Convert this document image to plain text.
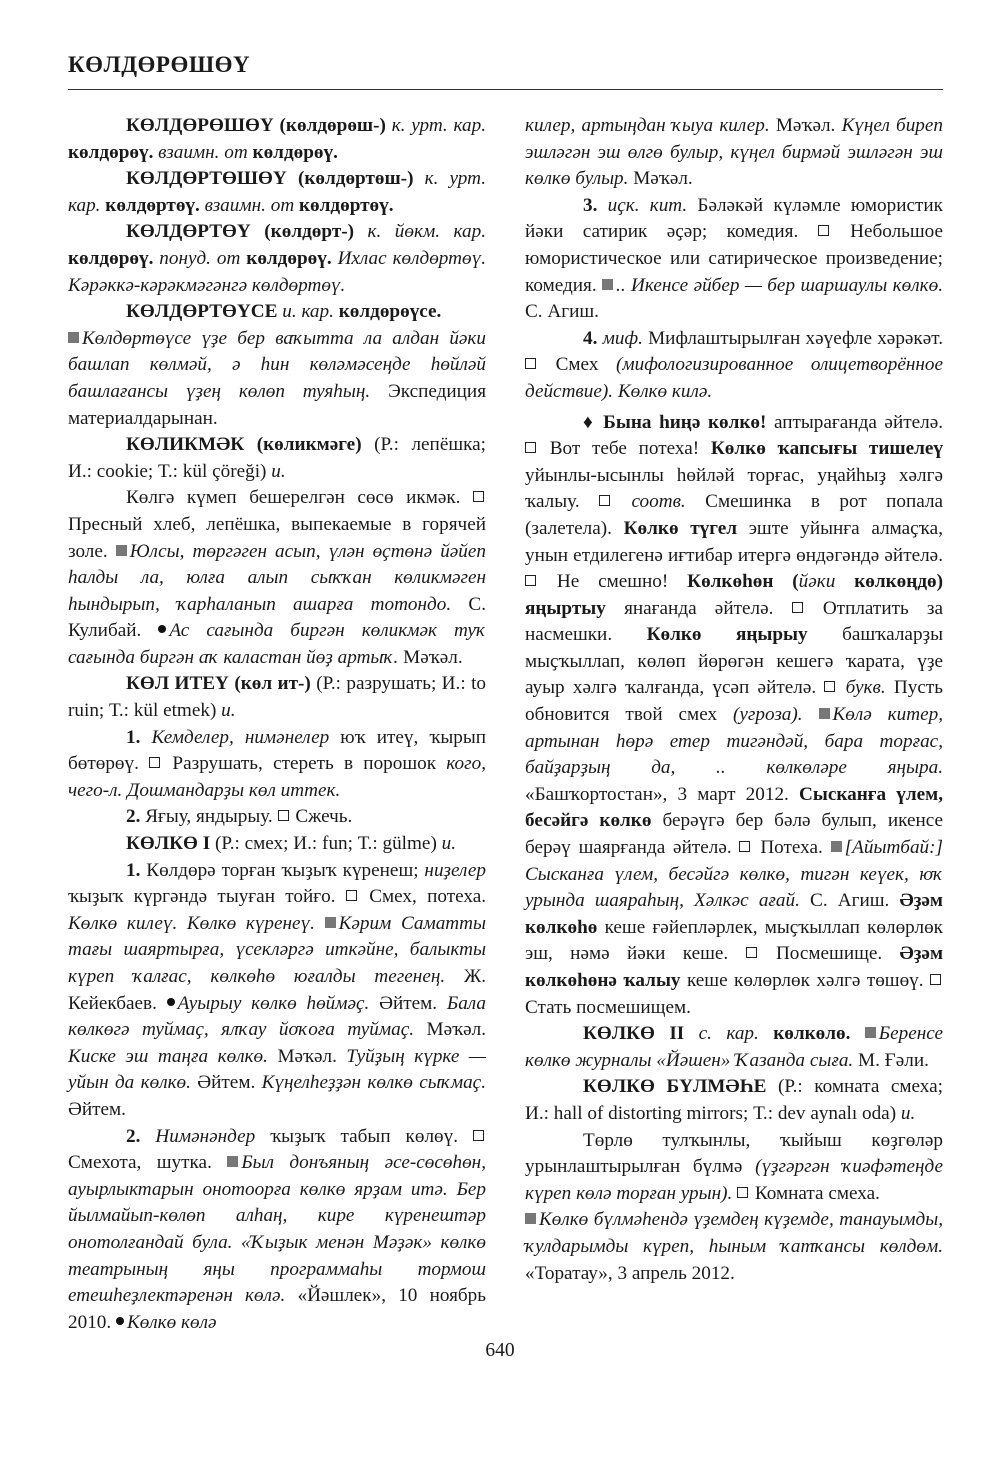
КӨЛДӨРӨШӨҮ

КӨЛДӨРӨШӨҮ (көлдөрөш-) к. урт. кар. көлдөрөү. взаимн. от көлдөрөү.

КӨЛДӨРТӨШӨҮ (көлдөртөш-) к. урт. кар. көлдөртөү. взаимн. от көлдөртөү.

КӨЛДӨРТӨҮ (көлдөрт-) к. йөкм. кар. көлдөрөү. понуд. от көлдөрөү. Ихлас көлдөртөү. Кәрәккә-кәрәкмәгәнгә көлдөртөү.

КӨЛДӨРТӨҮСЕ и. кар. көлдөрөүсе.

Көлдөртөүсе үҙе бер ваҡытта ла алдан йәки башлап көлмәй, ә һин көләмәсеңде һөйләй башлағансы үҙең көлөп туяһың. Экспедиция материалдарынан.

КӨЛИКМӘК (көликмәге) (Р.: лепёшка; И.: cookie; Т.: kül çöreği) и.

Көлгә күмеп бешерелгән сөсө икмәк.  Пресный хлеб, лепёшка, выпекаемые в горячей золе. Юлсы, төргәген асып, үлән өҫтөнә йәйеп һалды ла, юлға алып сыҡҡан көликмәген һындырып, ҡарһаланып ашарға тотондо. С. Кулибай. Ас сағында биргән көликмәк туҡ сағында биргән аҡ каластан йөҙ артыҡ. Мәҡәл.

КӨЛ ИТЕҮ (көл ит-) (Р.: разрушать; И.: to ruin; Т.: kül etmek) и.

1. Кемделер, нимәнелер юҡ итеү, ҡырып бөтөрөү. Разрушать, стереть в порошок кого, чего-л. Дошмандарҙы көл иттек.

2. Яғыу, яндырыу. Сжечь.

КӨЛКӨ I (Р.: смех; И.: fun; Т.: gülme) и.

1. Көлдөрә торған ҡыҙыҡ күренеш; ниҙелер ҡыҙыҡ күргәндә тыуған тойғо. Смех, потеха. Көлкө килеү. Көлкө күренеү. Кәрим Саматты тағы шаяртырға, үсекләргә иткәйне, балыкты күреп ҡалғас, көлкөһө юғалды тегенең. Ж. Кейекбаев. Ауырыу көлкө һөймәҫ. Әйтем. Бала көлкөгә туймаҫ, ялҡау йоҡоға туймаҫ. Мәҡәл. Киске эш таңға көлкө. Мәҡәл. Туйҙың күрке — уйын да көлкө. Әйтем. Күңелһеҙҙән көлкө сыҡмаҫ. Әйтем.

2. Нимәнәндер ҡыҙыҡ табып көлөү.  Смехота, шутка. Был донъяның әсе-сөсөһөн, ауырлыктарын онотоорға көлкө ярҙам итә. Бер йылмайып-көлөп алһаң, кире күренештәр онотолғандай була. «Ҡыҙык менән Мәҙәк» көлкө театрының яңы программаһы тормош етешһеҙлектәренән көлә. «Йәшлек», 10 ноябрь 2010. Көлкө көлә

килер, артыңдан ҡыуа килер. Мәҡәл. Күңел биреп эшләгән эш өлгө булыр, күңел бирмәй эшләгән эш көлкө булыр. Мәҡәл.

3. иҫк. кит. Бәләкәй күләмле юмористик йәки сатирик әҫәр; комедия.	Небольшое юмористическое или сатирическое произведение; комедия. .. Икенсе әйбер — бер шаршаулы көлкө. С. Агиш.

4. миф. Мифлаштырылған хәүефле хәрәкәт.  Смех (мифологизированное олицетворённое действие). Көлкө килә.

♦ Бына һиңә көлкө! аптырағанда әйтелә.  Вот тебе потеха! Көлкө ҡапсығы тишелеү уйынлы-ысынлы һөйләй торғас, уңайһыҙ хәлгә ҡалыу.	соотв. Смешинка в рот попала (залетела). Көлкө түгел эште уйынға алмаҫҡа, унын етдилегенә иғтибар итергә өндәгәндә әйтелә.  Не смешно! Көлкөһөн (йәки көлкөңдө) яңыртыу янағанда әйтелә.	Отплатить за насмешки. Көлкө яңырыу башҡаларҙы мыҫҡыллап, көлөп йөрөгән кешегә ҡарата, үҙе ауыр хәлгә ҡалғанда, үсәп әйтелә. букв. Пусть обновится твой смех (угроза). Көлә китер, артынан һөрә етер тигәндәй, бара торғас, байҙарҙың да, .. көлкөләре яңыра. «Башҡортостан», 3 март 2012. Сысканға үлем, бесәйгә көлкө берәүгә бер бәлә булып, икенсе берәү шаярғанда әйтелә. Потеха. [Айытбай:] Сысканға үлем, бесәйгә көлкө, тигән кеүек, юҡ урында шаяраһың, Хәлкәс ағай. С. Агиш. Әҙәм көлкөһө кеше ғәйепләрлек, мыҫҡыллап көлөрлөк эш, нәмә йәки кеше. Посмешище. Әҙәм көлкөһөнә ҡалыу кеше көлөрлөк хәлгә төшөү.  Стать посмешищем.

КӨЛКӨ II с. кар. көлкөлө. Беренсе көлкө журналы «Йәшен» Ҡазанда сыға. М. Ғәли.

КӨЛКӨ БҮЛМӘҺЕ (Р.: комната смеха; И.: hall of distorting mirrors; Т.: dev aynalı oda) и.

Төрлө тулҡынлы, ҡыйыш көҙгөләр урынлаштырылған бүлмә (үҙгәргән ҡиәфәтеңде күреп көлә торған урын). Комната смеха.

Көлкө бүлмәһендә үҙемдең күҙемде, танауымды, ҡулдарымды күреп, һыным ҡатҡансы көлдөм. «Торатау», 3 апрель 2012.

640
